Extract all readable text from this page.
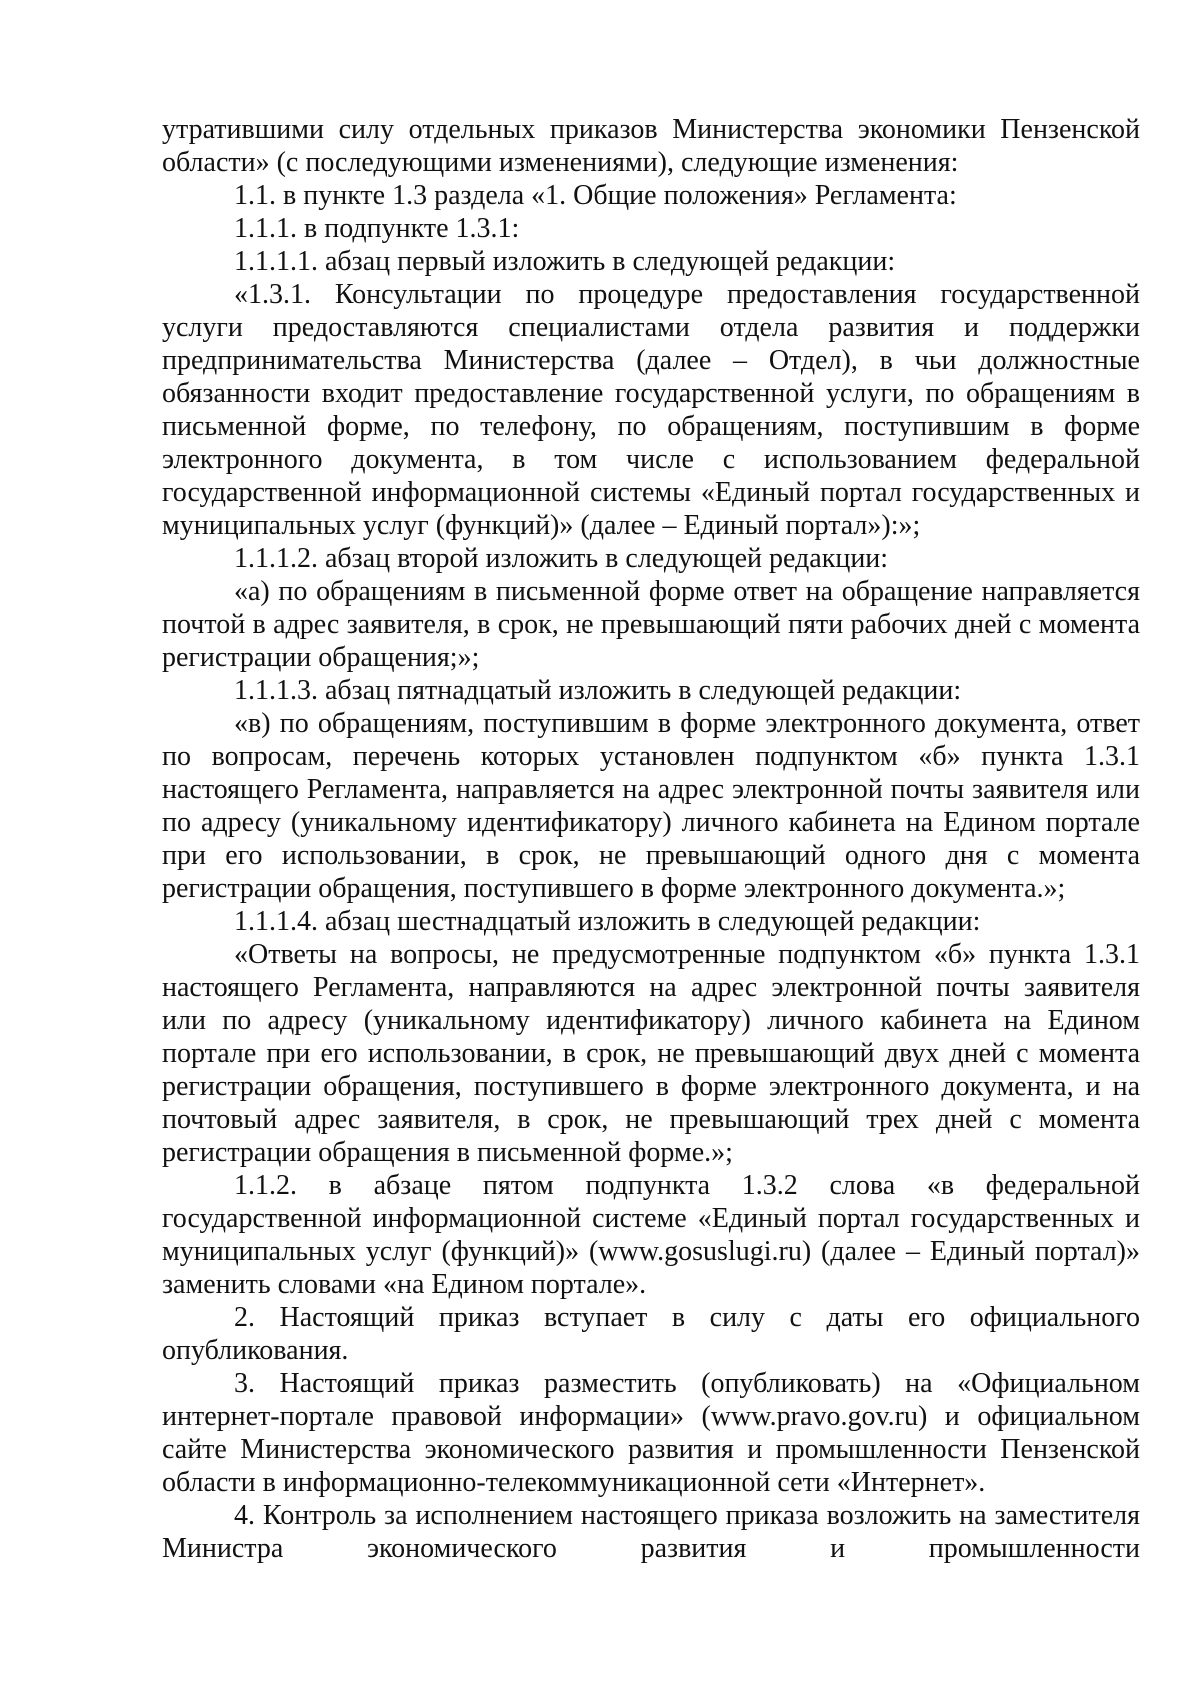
утратившими силу отдельных приказов Министерства экономики Пензенской области» (с последующими изменениями), следующие изменения:

1.1. в пункте 1.3 раздела «1. Общие положения» Регламента:

1.1.1. в подпункте 1.3.1:

1.1.1.1. абзац первый изложить в следующей редакции:

«1.3.1. Консультации по процедуре предоставления государственной услуги предоставляются специалистами отдела развития и поддержки предпринимательства Министерства (далее – Отдел), в чьи должностные обязанности входит предоставление государственной услуги, по обращениям в письменной форме, по телефону, по обращениям, поступившим в форме электронного документа, в том числе с использованием федеральной государственной информационной системы «Единый портал государственных и муниципальных услуг (функций)» (далее – Единый портал»):»;

1.1.1.2. абзац второй изложить в следующей редакции:

«а) по обращениям в письменной форме ответ на обращение направляется почтой в адрес заявителя, в срок, не превышающий пяти рабочих дней с момента регистрации обращения;»;

1.1.1.3. абзац пятнадцатый изложить в следующей редакции:

«в) по обращениям, поступившим в форме электронного документа, ответ по вопросам, перечень которых установлен подпунктом «б» пункта 1.3.1 настоящего Регламента, направляется на адрес электронной почты заявителя или по адресу (уникальному идентификатору) личного кабинета на Едином портале при его использовании, в срок, не превышающий одного дня с момента регистрации обращения, поступившего в форме электронного документа.»;

1.1.1.4. абзац шестнадцатый изложить в следующей редакции:

«Ответы на вопросы, не предусмотренные подпунктом «б» пункта 1.3.1 настоящего Регламента, направляются на адрес электронной почты заявителя или по адресу (уникальному идентификатору) личного кабинета на Едином портале при его использовании, в срок, не превышающий двух дней с момента регистрации обращения, поступившего в форме электронного документа, и на почтовый адрес заявителя, в срок, не превышающий трех дней с момента регистрации обращения в письменной форме.»;

1.1.2. в абзаце пятом подпункта 1.3.2 слова «в федеральной государственной информационной системе «Единый портал государственных и муниципальных услуг (функций)» (www.gosuslugi.ru) (далее – Единый портал)» заменить словами «на Едином портале».

2. Настоящий приказ вступает в силу с даты его официального опубликования.

3. Настоящий приказ разместить (опубликовать) на «Официальном интернет-портале правовой информации» (www.pravo.gov.ru) и официальном сайте Министерства экономического развития и промышленности Пензенской области в информационно-телекоммуникационной сети «Интернет».

4. Контроль за исполнением настоящего приказа возложить на заместителя Министра экономического развития и промышленности
